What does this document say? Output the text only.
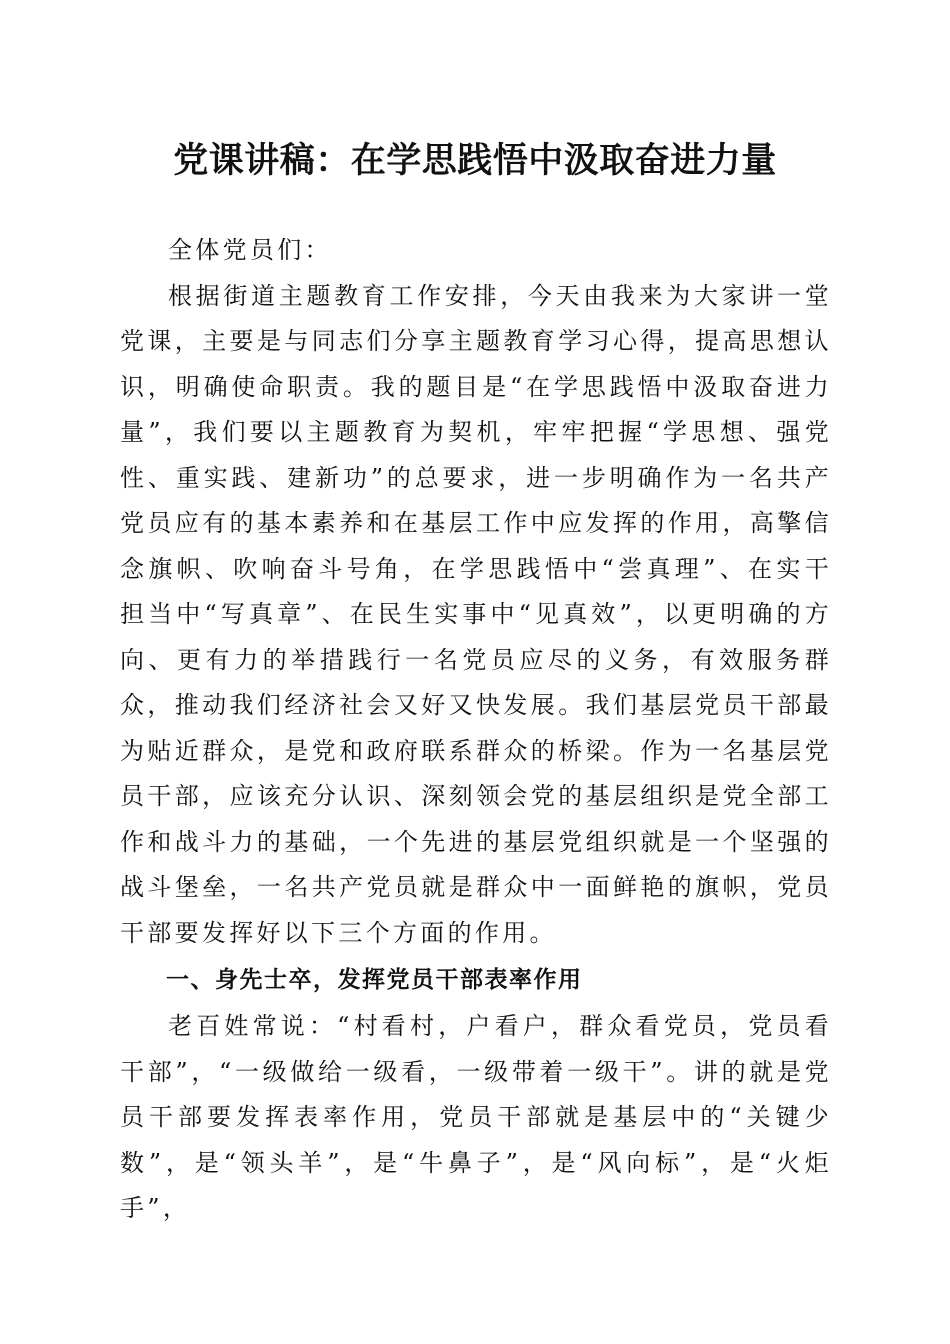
党课讲稿：在学思践悟中汲取奋进力量

全体党员们：

根据街道主题教育工作安排，今天由我来为大家讲一堂党课，主要是与同志们分享主题教育学习心得，提高思想认识，明确使命职责。我的题目是“在学思践悟中汲取奋进力量”，我们要以主题教育为契机，牢牢把握“学思想、强党性、重实践、建新功”的总要求，进一步明确作为一名共产党员应有的基本素养和在基层工作中应发挥的作用，高擎信念旗帜、吹响奋斗号角，在学思践悟中“尝真理”、在实干担当中“写真章”、在民生实事中“见真效”，以更明确的方向、更有力的举措践行一名党员应尽的义务，有效服务群众，推动我们经济社会又好又快发展。我们基层党员干部最为贴近群众，是党和政府联系群众的桥梁。作为一名基层党员干部，应该充分认识、深刻领会党的基层组织是党全部工作和战斗力的基础，一个先进的基层党组织就是一个坚强的战斗堡垒，一名共产党员就是群众中一面鲜艳的旗帜，党员干部要发挥好以下三个方面的作用。

一、身先士卒，发挥党员干部表率作用

老百姓常说：“村看村，户看户，群众看党员，党员看干部”，“一级做给一级看，一级带着一级干”。讲的就是党员干部要发挥表率作用，党员干部就是基层中的“关键少数”，是“领头羊”，是“牛鼻子”，是“风向标”，是“火炬手”，
